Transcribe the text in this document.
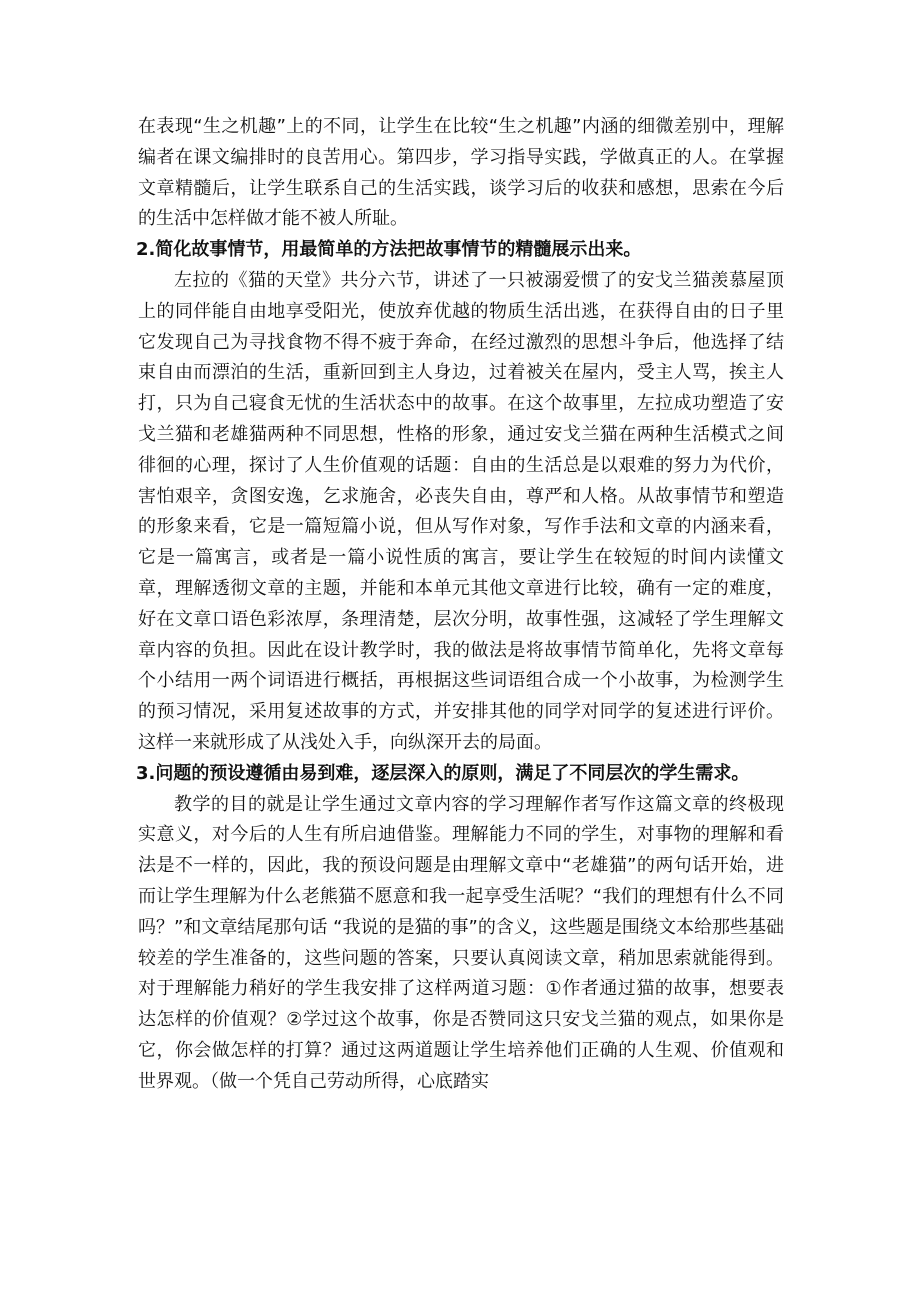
在表现“生之机趣”上的不同，让学生在比较“生之机趣”内涵的细微差别中，理解编者在课文编排时的良苦用心。第四步，学习指导实践，学做真正的人。在掌握文章精髓后，让学生联系自己的生活实践，谈学习后的收获和感想，思索在今后的生活中怎样做才能不被人所耻。

2.简化故事情节，用最简单的方法把故事情节的精髓展示出来。

左拉的《猫的天堂》共分六节，讲述了一只被溺爱惯了的安戈兰猫羡慕屋顶上的同伴能自由地享受阳光，使放弃优越的物质生活出逃，在获得自由的日子里它发现自己为寻找食物不得不疲于奔命，在经过激烈的思想斗争后，他选择了结束自由而漂泊的生活，重新回到主人身边，过着被关在屋内，受主人骂，挨主人打，只为自己寝食无忧的生活状态中的故事。在这个故事里，左拉成功塑造了安戈兰猫和老雄猫两种不同思想，性格的形象，通过安戈兰猫在两种生活模式之间徘徊的心理，探讨了人生价值观的话题：自由的生活总是以艰难的努力为代价，害怕艰辛，贪图安逸，乞求施舍，必丧失自由，尊严和人格。从故事情节和塑造的形象来看，它是一篇短篇小说，但从写作对象，写作手法和文章的内涵来看，它是一篇寓言，或者是一篇小说性质的寓言，要让学生在较短的时间内读懂文章，理解透彻文章的主题，并能和本单元其他文章进行比较，确有一定的难度，好在文章口语色彩浓厚，条理清楚，层次分明，故事性强，这减轻了学生理解文章内容的负担。因此在设计教学时，我的做法是将故事情节简单化，先将文章每个小结用一两个词语进行概括，再根据这些词语组合成一个小故事，为检测学生的预习情况，采用复述故事的方式，并安排其他的同学对同学的复述进行评价。这样一来就形成了从浅处入手，向纵深开去的局面。

3.问题的预设遵循由易到难，逐层深入的原则，满足了不同层次的学生需求。

教学的目的就是让学生通过文章内容的学习理解作者写作这篇文章的终极现实意义，对今后的人生有所启迪借鉴。理解能力不同的学生，对事物的理解和看法是不一样的，因此，我的预设问题是由理解文章中“老雄猫”的两句话开始，进而让学生理解为什么老熊猫不愿意和我一起享受生活呢？“我们的理想有什么不同吗？”和文章结尾那句话 “我说的是猫的事”的含义，这些题是围绕文本给那些基础较差的学生准备的，这些问题的答案，只要认真阅读文章，稍加思索就能得到。对于理解能力稍好的学生我安排了这样两道习题：①作者通过猫的故事，想要表达怎样的价值观？②学过这个故事，你是否赞同这只安戈兰猫的观点，如果你是它，你会做怎样的打算？通过这两道题让学生培养他们正确的人生观、价值观和世界观。（做一个凭自己劳动所得，心底踏实
